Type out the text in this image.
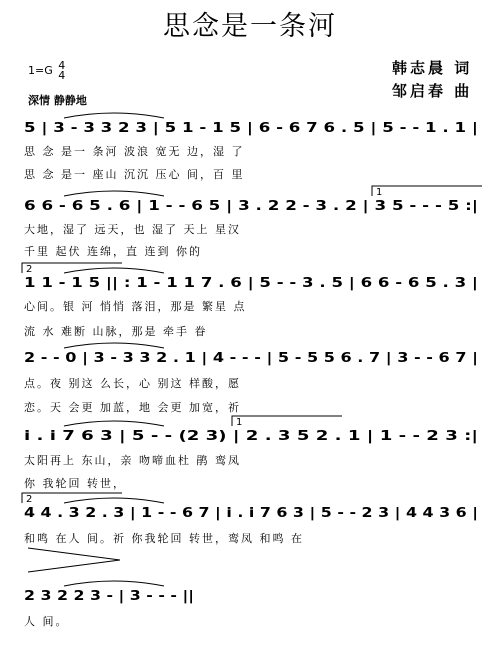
思念是一条河
1=G 4
4
深情 静静地
韩志晨 词
邹启春 曲
5 | 3 - 3 3 2 3 | 5 1 - 1 5 | 6 - 6 7 6 . 5 | 5 - - 1 . 1 |
6 6 - 6 5 . 6 | 1 - - 6 5 | 3 . 2 2 - 3 . 2 | 3 5 - - - 5 :|
1
1 1 - 1 5 || : 1 - 1 1 7 . 6 | 5 - - 3 . 5 | 6 6 - 6 5 . 3 |
2
2 - - 0 | 3 - 3 3 2 . 1 | 4 - - - | 5 - 5 5 6 . 7 | 3 - - 6 7 |
i . i 7 6 3 | 5 - - (2 3) | 2 . 3 5 2 . 1 | 1 - - 2 3 :|
1
4 4 . 3 2 . 3 | 1 - - 6 7 | i . i 7 6 3 | 5 - - 2 3 | 4 4 3 6 |
2
2 3 2 2 3 - | 3 - - - ||
思 念 是一 条河 波浪 宽无 边，湿 了
思 念 是一 座山 沉沉 压心 间，百 里
大地，湿了 远天，也 湿了 天上 星汉
千里 起伏 连绵，直 连到 你的
心间。银 河 悄悄 落泪，那是 繁星 点
流 水 难断 山脉，那是 牵手 眷
点。夜 别这 么长，心 别这 样酸，愿
恋。天 会更 加蓝，地 会更 加宽，祈
太阳再上 东山，亲 吻啼血杜 鹃 鸾凤
你 我轮回 转世，
和鸣 在人 间。祈 你我轮回 转世，鸾凤 和鸣 在
人 间。
